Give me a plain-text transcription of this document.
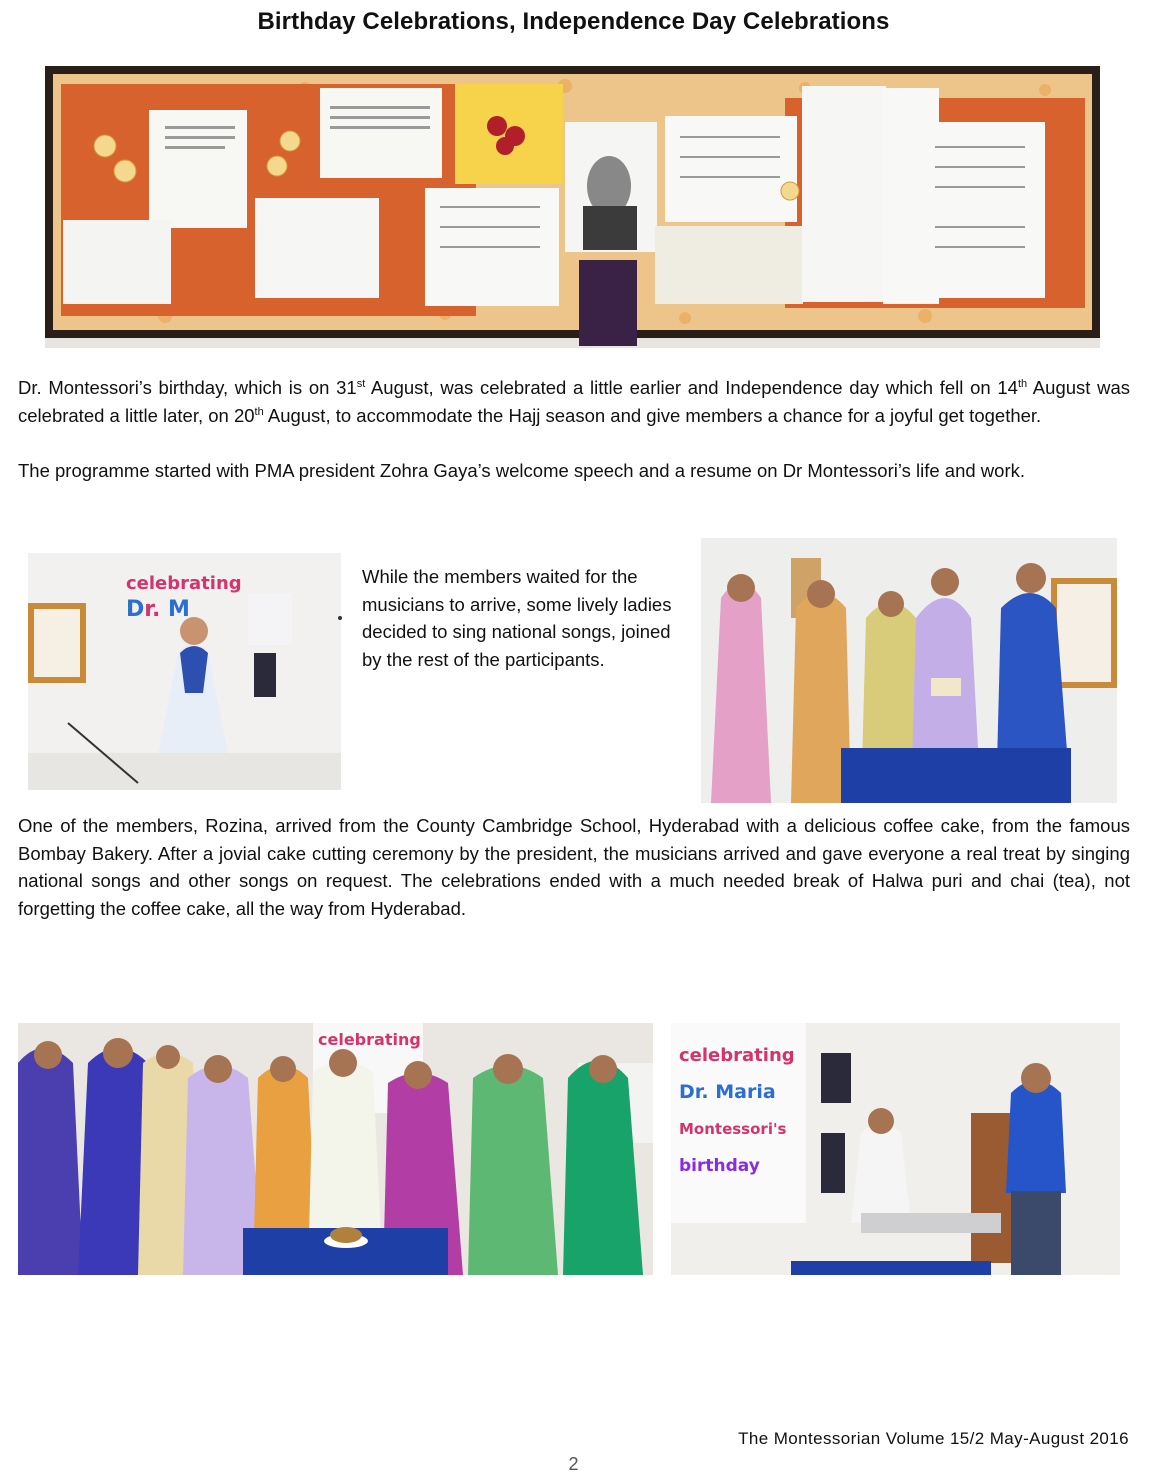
Birthday Celebrations, Independence Day Celebrations

Dr. Montessori’s birthday, which is on 31st August, was celebrated a little earlier and Independence day which fell on 14th August was celebrated a little later, on 20th August, to accommodate the Hajj season and give members a chance for a joyful get together.

The programme started with PMA president Zohra Gaya’s welcome speech and a resume on Dr Montessori’s life and work.

celebrating
Dr. M

While the members waited for the musicians to arrive, some lively ladies decided to sing national songs, joined by the rest of the participants.

One of the members, Rozina, arrived from the County Cambridge School, Hyderabad with a delicious coffee cake, from the famous Bombay Bakery. After a jovial cake cutting ceremony by the president, the musicians arrived and gave everyone a real treat by singing national songs and other songs on request. The celebrations ended with a much needed break of Halwa puri and chai (tea), not forgetting the coffee cake, all the way from Hyderabad.

celebrating
celebrating
Dr. Maria
Montessori's
birthday
The Montessorian Volume 15/2 May-August 2016
2
